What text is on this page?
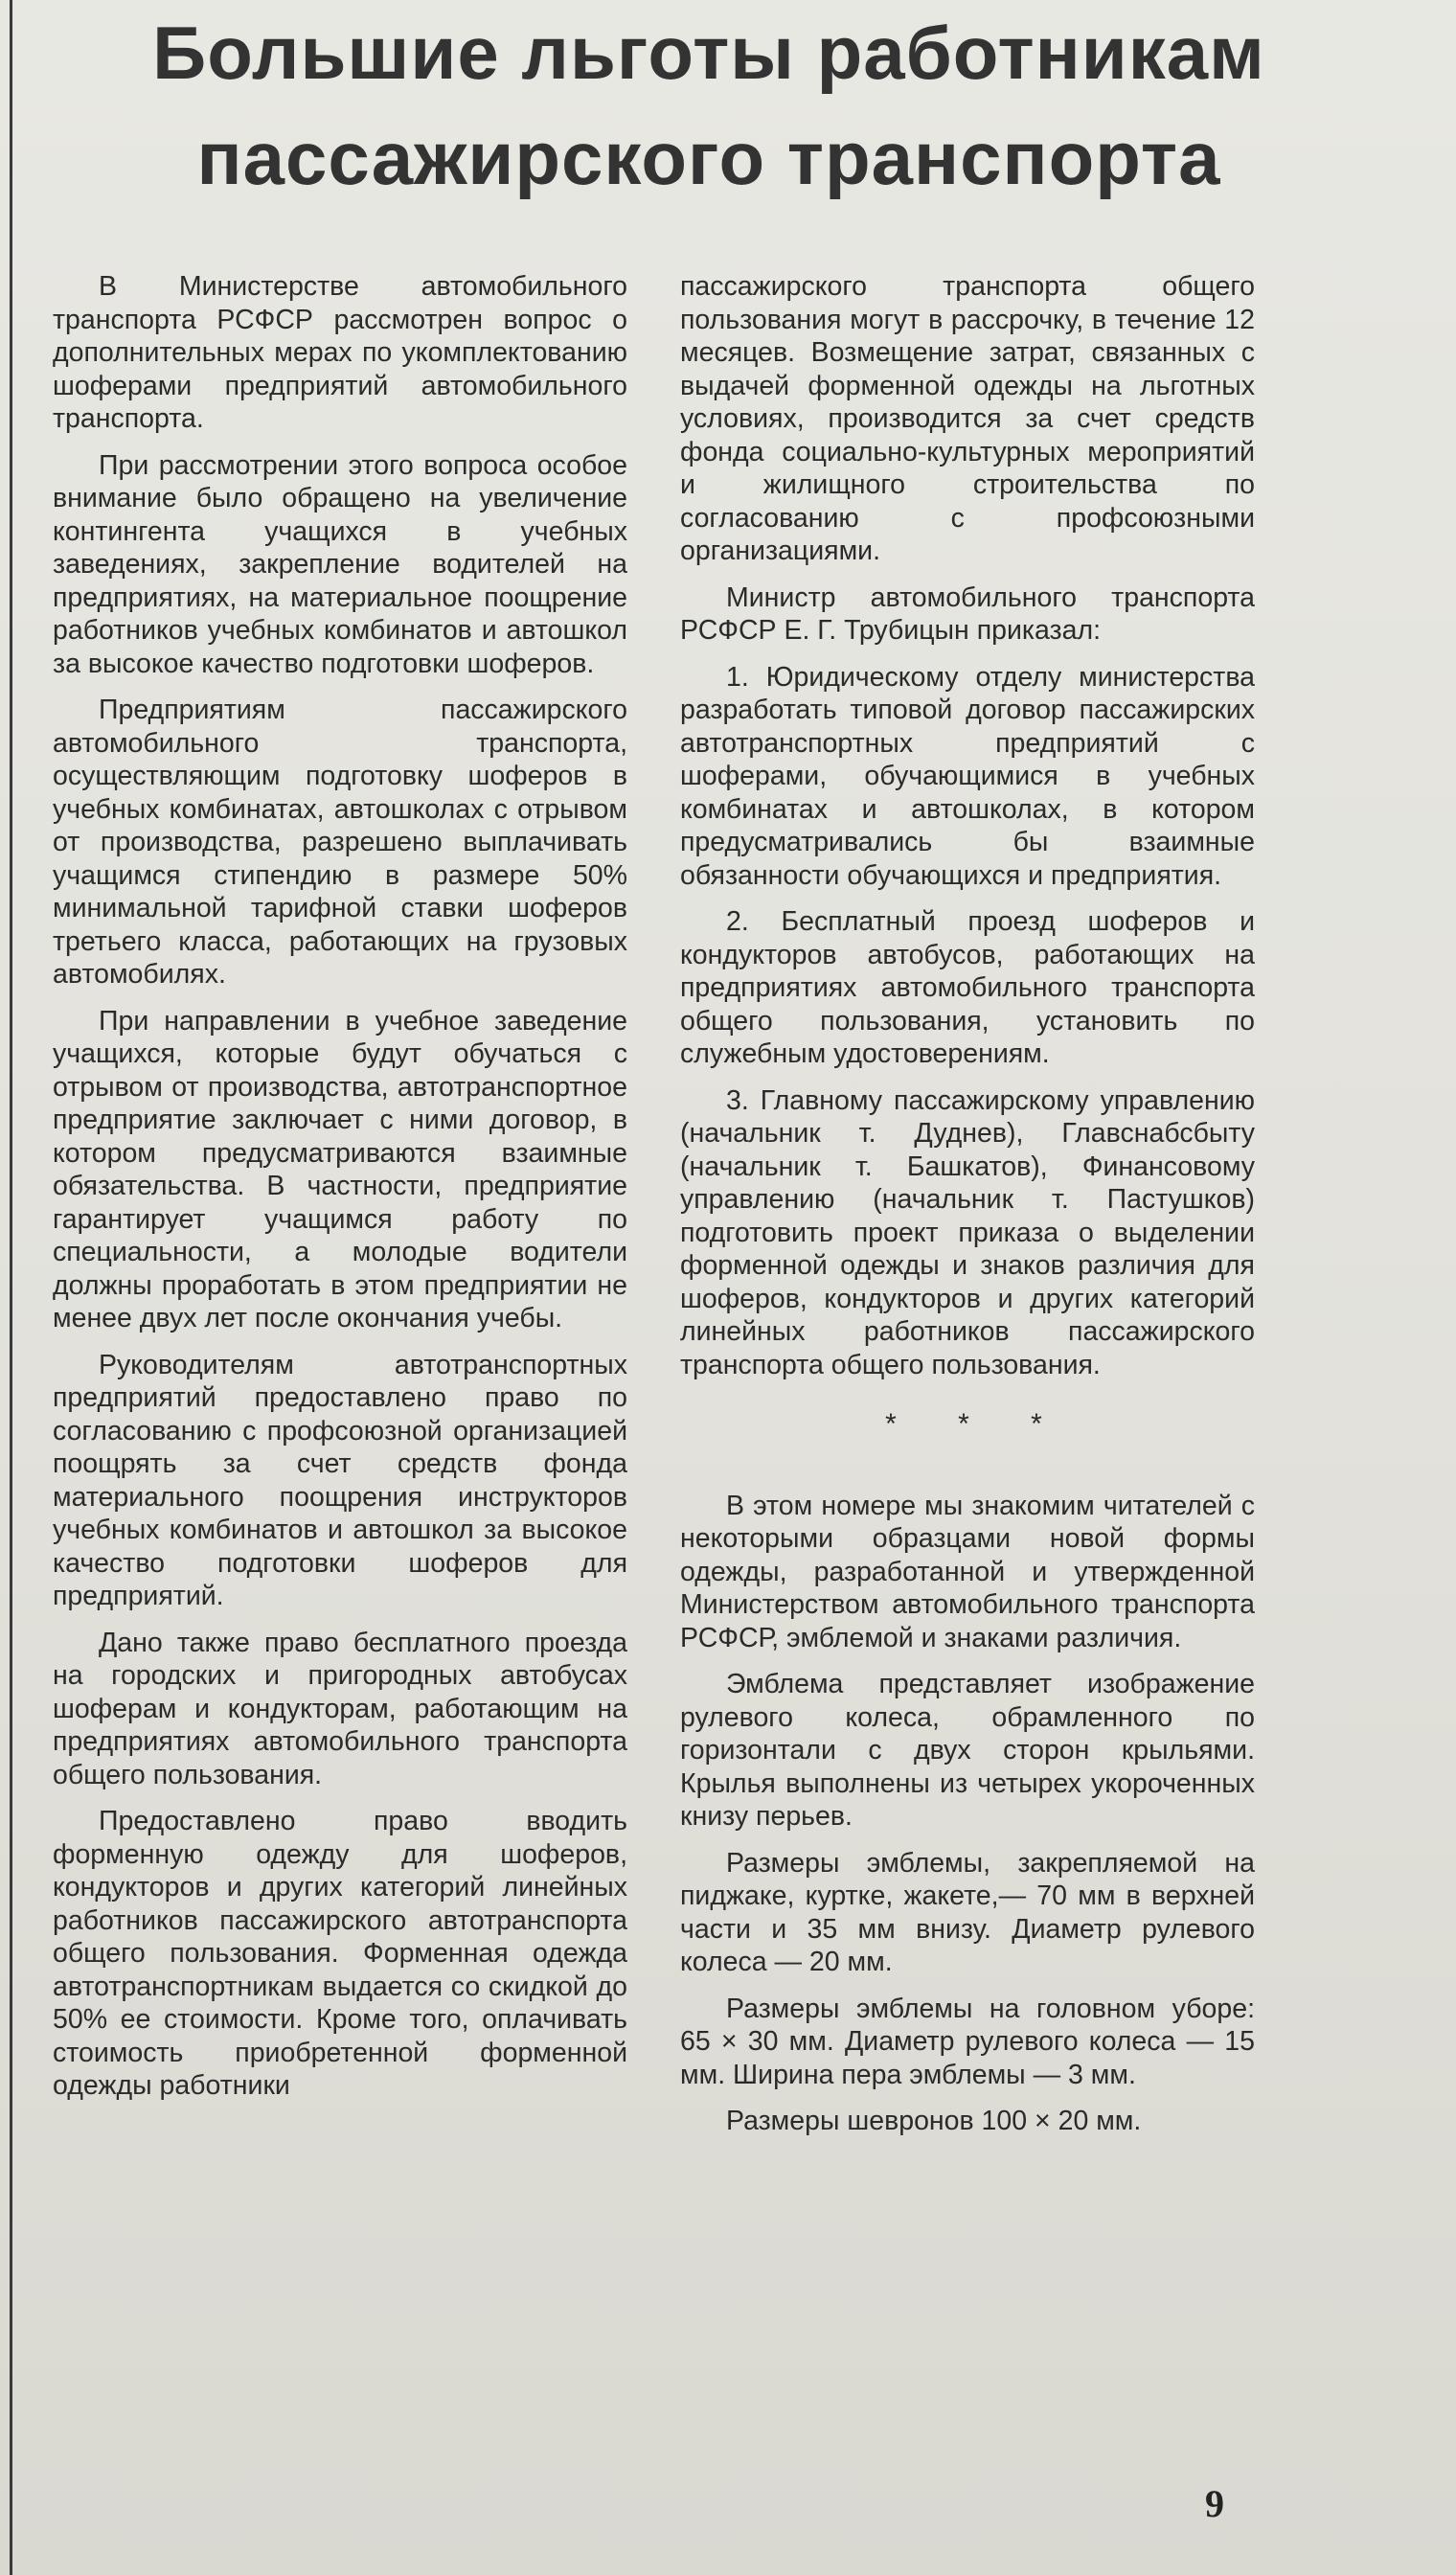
Большие льготы работникам
пассажирского транспорта

В Министерстве автомобильного транспорта РСФСР рассмотрен вопрос о дополнительных мерах по укомплектованию шоферами предприятий автомобильного транспорта.

При рассмотрении этого вопроса особое внимание было обращено на увеличение контингента учащихся в учебных заведениях, закрепление водителей на предприятиях, на материальное поощрение работников учебных комбинатов и автошкол за высокое качество подготовки шоферов.

Предприятиям пассажирского автомобильного транспорта, осуществляющим подготовку шоферов в учебных комбинатах, автошколах с отрывом от производства, разрешено выплачивать учащимся стипендию в размере 50% минимальной тарифной ставки шоферов третьего класса, работающих на грузовых автомобилях.

При направлении в учебное заведение учащихся, которые будут обучаться с отрывом от производства, автотранспортное предприятие заключает с ними договор, в котором предусматриваются взаимные обязательства. В частности, предприятие гарантирует учащимся работу по специальности, а молодые водители должны проработать в этом предприятии не менее двух лет после окончания учебы.

Руководителям автотранспортных предприятий предоставлено право по согласованию с профсоюзной организацией поощрять за счет средств фонда материального поощрения инструкторов учебных комбинатов и автошкол за высокое качество подготовки шоферов для предприятий.

Дано также право бесплатного проезда на городских и пригородных автобусах шоферам и кондукторам, работающим на предприятиях автомобильного транспорта общего пользования.

Предоставлено право вводить форменную одежду для шоферов, кондукторов и других категорий линейных работников пассажирского автотранспорта общего пользования. Форменная одежда автотранспортникам выдается со скидкой до 50% ее стоимости. Кроме того, оплачивать стоимость приобретенной форменной одежды работники

пассажирского транспорта общего пользования могут в рассрочку, в течение 12 месяцев. Возмещение затрат, связанных с выдачей форменной одежды на льготных условиях, производится за счет средств фонда социально-культурных мероприятий и жилищного строительства по согласованию с профсоюзными организациями.

Министр автомобильного транспорта РСФСР Е. Г. Трубицын приказал:

1. Юридическому отделу министерства разработать типовой договор пассажирских автотранспортных предприятий с шоферами, обучающимися в учебных комбинатах и автошколах, в котором предусматривались бы взаимные обязанности обучающихся и предприятия.

2. Бесплатный проезд шоферов и кондукторов автобусов, работающих на предприятиях автомобильного транспорта общего пользования, установить по служебным удостоверениям.

3. Главному пассажирскому управлению (начальник т. Дуднев), Главснабсбыту (начальник т. Башкатов), Финансовому управлению (начальник т. Пастушков) подготовить проект приказа о выделении форменной одежды и знаков различия для шоферов, кондукторов и других категорий линейных работников пассажирского транспорта общего пользования.

* * *

В этом номере мы знакомим читателей с некоторыми образцами новой формы одежды, разработанной и утвержденной Министерством автомобильного транспорта РСФСР, эмблемой и знаками различия.

Эмблема представляет изображение рулевого колеса, обрамленного по горизонтали с двух сторон крыльями. Крылья выполнены из четырех укороченных книзу перьев.

Размеры эмблемы, закрепляемой на пиджаке, куртке, жакете,— 70 мм в верхней части и 35 мм внизу. Диаметр рулевого колеса — 20 мм.

Размеры эмблемы на головном уборе: 65 × 30 мм. Диаметр рулевого колеса — 15 мм. Ширина пера эмблемы — 3 мм.

Размеры шевронов 100 × 20 мм.

9
